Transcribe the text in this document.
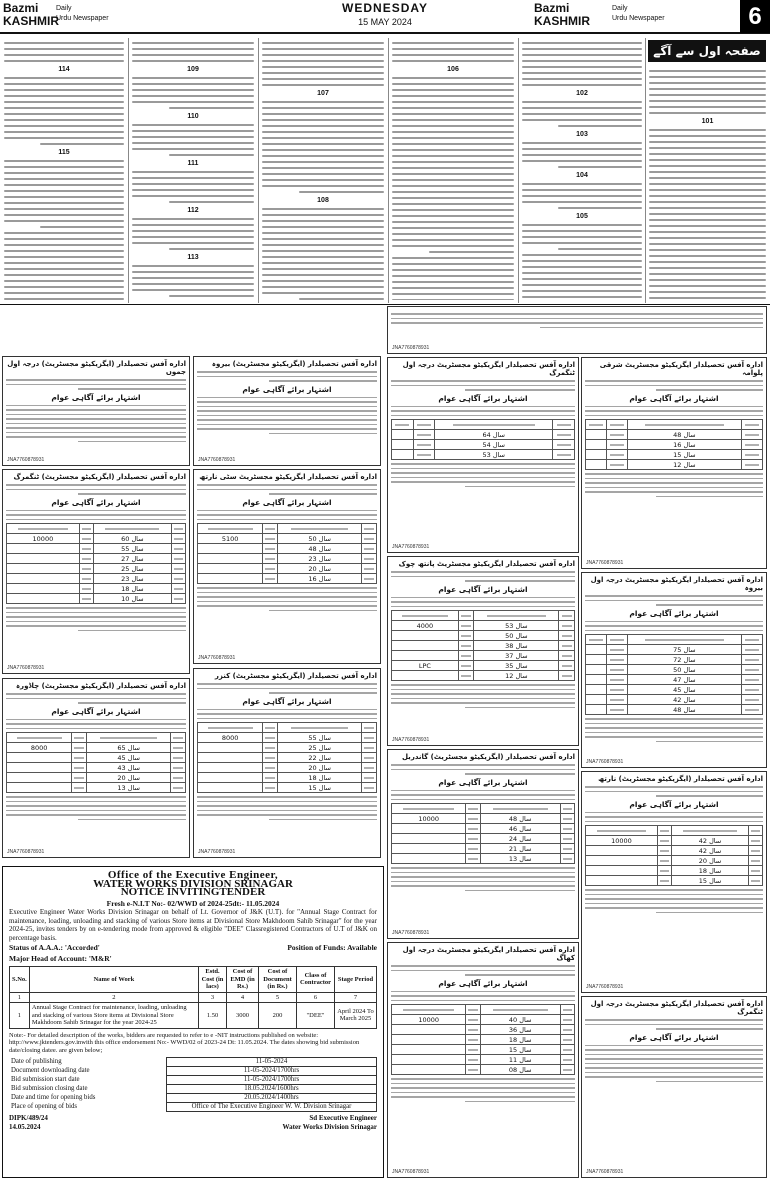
Bazmi
KASHMIR
Daily
Urdu Newspaper
WEDNESDAY
15 MAY 2024
Bazmi
KASHMIR
Daily
Urdu Newspaper	6
صفحہ اول سے آگے
114
115
109
110
111
112
113
107
108
106
102
103
104
105
101
JNA7760878931
اداره آفس تحصیلدار (ایگزیکیٹو مجسٹریٹ) درجہ اول جموں
اشتہار برائے آگاہی عوام
JNA7760878931
اداره آفس تحصیلدار (ایگزیکیٹو مجسٹریٹ) بیروہ
اشتہار برائے آگاہی عوام
JNA7760878931
اداره آفس تحصیلدار (ایگزیکیٹو مجسٹریٹ) ٹنگمرگ
اشتہار برائے آگاہی عوام

10000		60 سال	
		55 سال	
		27 سال	
		25 سال	
		23 سال	
		18 سال	
		10 سال	
JNA7760878931
اداره آفس تحصیلدار ایگزیکیٹو مجسٹریٹ سٹی نارتھ
اشتہار برائے آگاہی عوام

5100		50 سال	
		48 سال	
		23 سال	
		20 سال	
		16 سال	
JNA7760878931
اداره آفس تحصیلدار ایگزیکیٹو مجسٹریٹ درجہ اول ٹنگمرگ
اشتہار برائے آگاہی عوام

		64 سال	
		54 سال	
		53 سال	
JNA7760878931
اداره آفس تحصیلدار ایگزیکیٹو مجسٹریٹ شرقی پلوامہ
اشتہار برائے آگاہی عوام

		48 سال	
		16 سال	
		15 سال	
		12 سال	
JNA7760878931
اداره آفس تحصیلدار (ایگزیکیٹو مجسٹریٹ) کنزر
اشتہار برائے آگاہی عوام

8000		55 سال	
		25 سال	
		22 سال	
		20 سال	
		18 سال	
		15 سال	
JNA7760878931
اداره آفس تحصیلدار (ایگزیکیٹو مجسٹریٹ) چاڈورہ
اشتہار برائے آگاہی عوام

8000		65 سال	
		45 سال	
		43 سال	
		20 سال	
		13 سال	
JNA7760878931
اداره آفس تحصیلدار ایگزیکیٹو مجسٹریٹ پانتھ چوک
اشتہار برائے آگاہی عوام

4000		53 سال	
		50 سال	
		38 سال	
		37 سال	
LPC		35 سال	
		12 سال	
JNA7760878931
اداره آفس تحصیلدار ایگزیکیٹو مجسٹریٹ درجہ اول بیروہ
اشتہار برائے آگاہی عوام

		75 سال	
		72 سال	
		50 سال	
		47 سال	
		45 سال	
		42 سال	
		48 سال	
JNA7760878931
اداره آفس تحصیلدار (ایگزیکیٹو مجسٹریٹ) گاندربل
اشتہار برائے آگاہی عوام

10000		48 سال	
		46 سال	
		24 سال	
		21 سال	
		13 سال	
JNA7760878931
اداره آفس تحصیلدار (ایگزیکیٹو مجسٹریٹ) نارتھ
اشتہار برائے آگاہی عوام

10000		42 سال	
		42 سال	
		20 سال	
		18 سال	
		15 سال	
JNA7760878931
اداره آفس تحصیلدار ایگزیکیٹو مجسٹریٹ درجہ اول کھاگ
اشتہار برائے آگاہی عوام

10000		40 سال	
		36 سال	
		18 سال	
		15 سال	
		11 سال	
		08 سال	
JNA7760878931
اداره آفس تحصیلدار ایگزیکیٹو مجسٹریٹ درجہ اول ٹنگمرگ
اشتہار برائے آگاہی عوام
JNA7760878931
Office of the Executive Engineer,
WATER WORKS DIVISION SRINAGAR
NOTICE INVITINGTENDER
Fresh e-N.I.T No:- 02/WWD of 2024-25dt:- 11.05.2024

Executive Engineer Water Works Division Srinagar on behalf of Lt. Governor of J&K (U.T). for "Annual Stage Contract for maintenance, loading, unloading and stacking of various Store items at Divisional Store Makhdoom Sahib Srinagar" for the year 2024-25, invites tenders by on e-tendering mode from approved & eligible "DEE" Classregistered Contractors of U.T of J&K on percentage basis.

Status of A.A.A.: 'Accorded'	Position of Funds: Available
Major Head of Account: 'M&R'
S.No.	Name of Work	Estd. Cost (in lacs)	Cost of EMD (in Rs.)	Cost of Document (in Rs.)	Class of Contractor	Stage Period
1	2	3	4	5	6	7
1	Annual Stage Contract for maintenance, loading, unloading and stacking of various Store items at Divisional Store Makhdoom Sahib Srinagar for the year 2024-25	1.50	3000	200	"DEE"	April 2024 To March 2025
Note:- For detailed description of the works, bidders are requested to refer to e -NIT instructions published on website: http://www.jktenders.gov.inwith this office endorsement No:- WWD/02 of 2023-24 Dt: 11.05.2024. The dates showing bid submission date/closing datee. are given below;
Date of publishing	11-05-2024
Document downloading date	11-05-2024/1700hrs
Bid submission start date	11-05-2024/1700hrs
Bid submission closing date	18.05.2024/1600hrs
Date and time for opening bids	20.05.2024/1400hrs
Place of opening of bids	Office of The Executive Engineer W. W. Division Srinagar
DIPK/489/24
14.05.2024
Sd Executive Engineer
Water Works Division Srinagar
